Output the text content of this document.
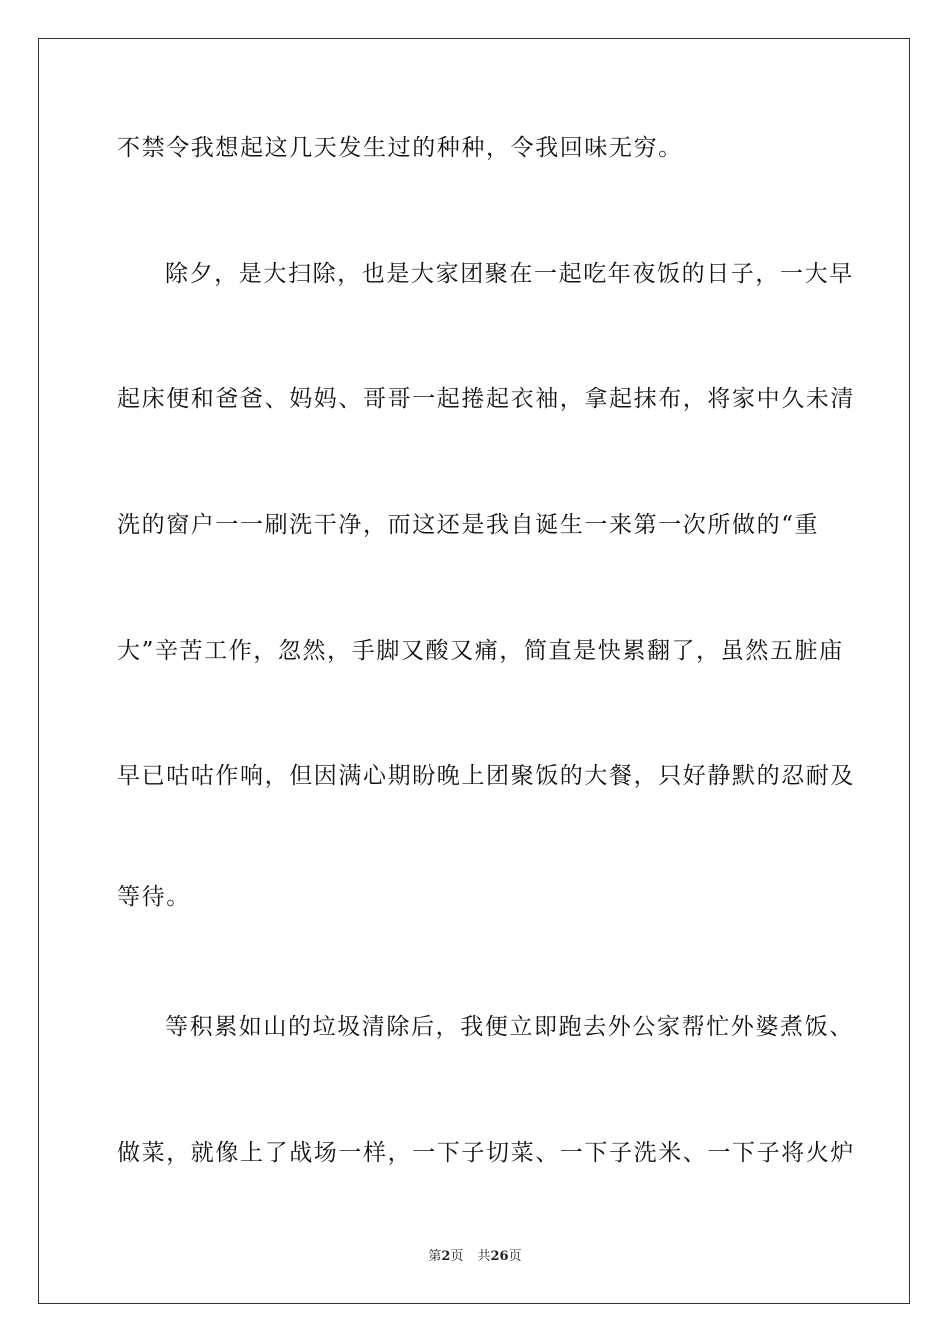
不禁令我想起这几天发生过的种种，令我回味无穷。
除夕，是大扫除，也是大家团聚在一起吃年夜饭的日子，一大早
起床便和爸爸、妈妈、哥哥一起捲起衣袖，拿起抹布，将家中久未清
洗的窗户一一刷洗干净，而这还是我自诞生一来第一次所做的“重
大”辛苦工作，忽然，手脚又酸又痛，简直是快累翻了，虽然五脏庙
早已咕咕作响，但因满心期盼晚上团聚饭的大餐，只好静默的忍耐及
等待。
等积累如山的垃圾清除后，我便立即跑去外公家帮忙外婆煮饭、
做菜，就像上了战场一样，一下子切菜、一下子洗米、一下子将火炉
第2页 共26页
